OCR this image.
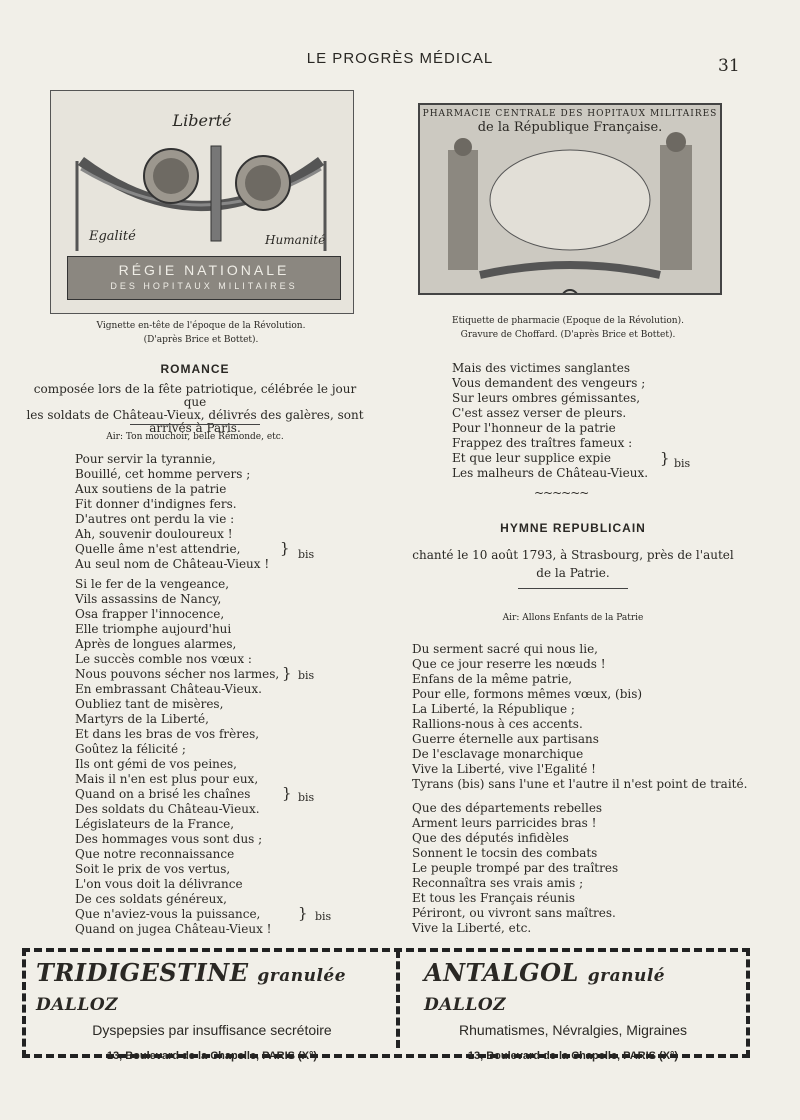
LE PROGRÈS MÉDICAL	31
Liberté
Egalité	Humanité
RÉGIE NATIONALE
DES HOPITAUX MILITAIRES
Vignette en-tête de l'époque de la Révolution.
(D'après Brice et Bottet).
PHARMACIE CENTRALE DES HOPITAUX MILITAIRES
de la République Française.
Etiquette de pharmacie (Epoque de la Révolution).
Gravure de Choffard. (D'après Brice et Bottet).
ROMANCE
composée lors de la fête patriotique, célébrée le jour que
les soldats de Château-Vieux, délivrés des galères, sont
arrivés à Paris.
Air: Ton mouchoir, belle Rémonde, etc.
Pour servir la tyrannie,
Bouillé, cet homme pervers ;
Aux soutiens de la patrie
Fit donner d'indignes fers.
D'autres ont perdu la vie :
Ah, souvenir douloureux !
Quelle âme n'est attendrie,
Au seul nom de Château-Vieux !
} bis
Si le fer de la vengeance,
Vils assassins de Nancy,
Osa frapper l'innocence,
Elle triomphe aujourd'hui
Après de longues alarmes,
Le succès comble nos vœux :
Nous pouvons sécher nos larmes,
En embrassant Château-Vieux.
} bis
Oubliez tant de misères,
Martyrs de la Liberté,
Et dans les bras de vos frères,
Goûtez la félicité ;
Ils ont gémi de vos peines,
Mais il n'en est plus pour eux,
Quand on a brisé les chaînes
Des soldats du Château-Vieux.
} bis
Législateurs de la France,
Des hommages vous sont dus ;
Que notre reconnaissance
Soit le prix de vos vertus,
L'on vous doit la délivrance
De ces soldats généreux,
Que n'aviez-vous la puissance,
Quand on jugea Château-Vieux !
} bis
Mais des victimes sanglantes
Vous demandent des vengeurs ;
Sur leurs ombres gémissantes,
C'est assez verser de pleurs.
Pour l'honneur de la patrie
Frappez des traîtres fameux :
Et que leur supplice expie
Les malheurs de Château-Vieux.
} bis
~~~~~~
HYMNE REPUBLICAIN
chanté le 10 août 1793, à Strasbourg, près de l'autel
de la Patrie.
Air: Allons Enfants de la Patrie
Du serment sacré qui nous lie,
Que ce jour reserre les nœuds !
Enfans de la même patrie,
Pour elle, formons mêmes vœux, (bis)
La Liberté, la République ;
Rallions-nous à ces accents.
Guerre éternelle aux partisans
De l'esclavage monarchique
Vive la Liberté, vive l'Egalité !
Tyrans (bis) sans l'une et l'autre il n'est point de traité.
Que des départements rebelles
Arment leurs parricides bras !
Que des députés infidèles
Sonnent le tocsin des combats
Le peuple trompé par des traîtres
Reconnaîtra ses vrais amis ;
Et tous les Français réunis
Périront, ou vivront sans maîtres.
Vive la Liberté, etc.
TRIDIGESTINE granulée DALLOZ
Dyspepsies par insuffisance secrétoire
13, Boulevard de la Chapelle, PARIS (X°)
ANTALGOL granulé DALLOZ
Rhumatismes, Névralgies, Migraines
13, Boulevard de la Chapelle, PARIS (X°)
